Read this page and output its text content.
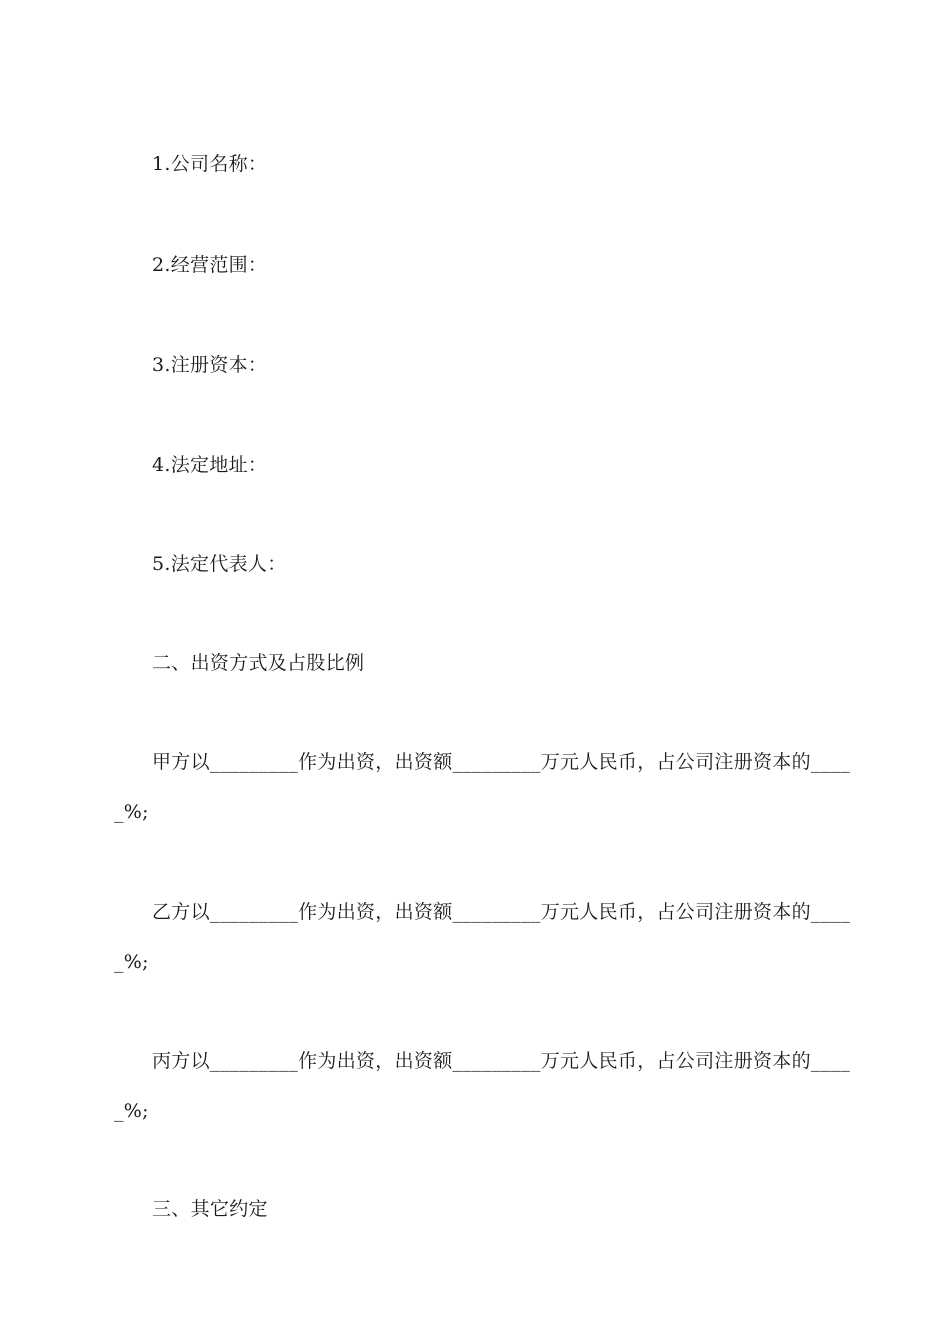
1.公司名称：
2.经营范围：
3.注册资本：
4.法定地址：
5.法定代表人：
二、出资方式及占股比例
甲方以_________作为出资，出资额_________万元人民币，占公司注册资本的____
_%;
乙方以_________作为出资，出资额_________万元人民币，占公司注册资本的____
_%;
丙方以_________作为出资，出资额_________万元人民币，占公司注册资本的____
_%;
三、其它约定
